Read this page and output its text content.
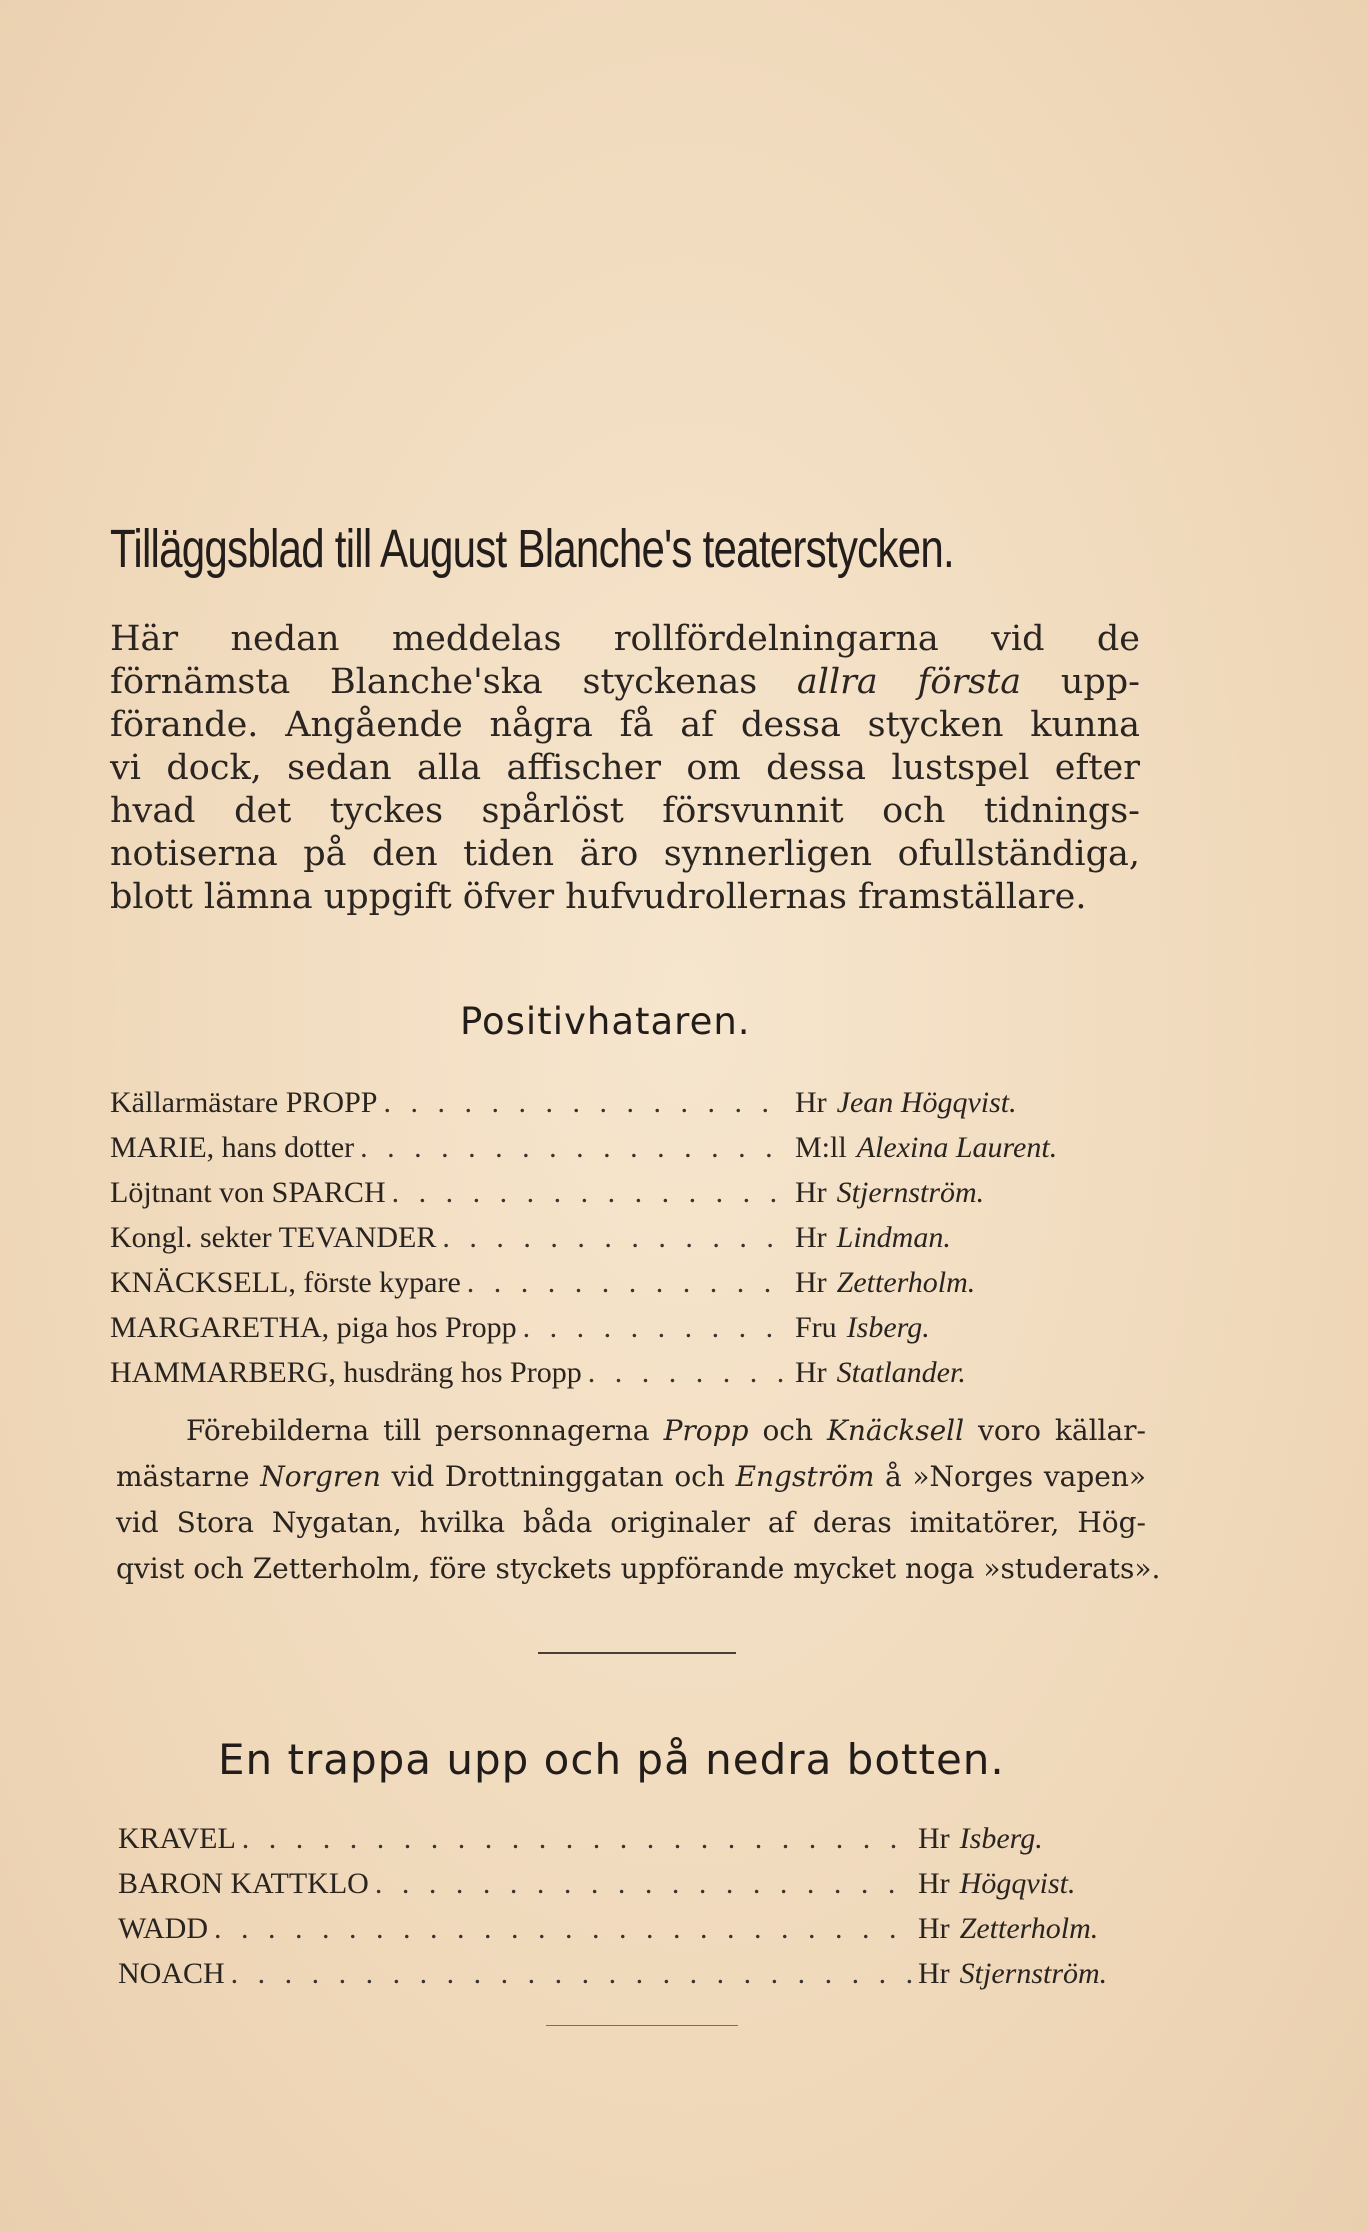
Tilläggsblad till August Blanche's teaterstycken.

Här nedan meddelas rollfördelningarna vid de
förnämsta Blanche'ska styckenas allra första upp-
förande. Angående några få af dessa stycken kunna
vi dock, sedan alla affischer om dessa lustspel efter
hvad det tyckes spårlöst försvunnit och tidnings-
notiserna på den tiden äro synnerligen ofullständiga,
blott lämna uppgift öfver hufvudrollernas framställare.

Positivhataren.
Källarmästare PROPP . . .	Hr Jean Högqvist.
MARIE, hans dotter . . .	M:ll Alexina Laurent.
Löjtnant von SPARCH . . .	Hr Stjernström.
Kongl. sekter TEVANDER . . .	Hr Lindman.
KNÄCKSELL, förste kypare . . .	Hr Zetterholm.
MARGARETHA, piga hos Propp . . .	Fru Isberg.
HAMMARBERG, husdräng hos Propp . . .	Hr Statlander.

Förebilderna till personnagerna Propp och Knäcksell voro källar-
mästarne Norgren vid Drottninggatan och Engström å »Norges vapen»
vid Stora Nygatan, hvilka båda originaler af deras imitatörer, Hög-
qvist och Zetterholm, före styckets uppförande mycket noga »studerats».

En trappa upp och på nedra botten.
KRAVEL . . .	Hr Isberg.
BARON KATTKLO . . .	Hr Högqvist.
WADD . . .	Hr Zetterholm.
NOACH . . .	Hr Stjernström.
